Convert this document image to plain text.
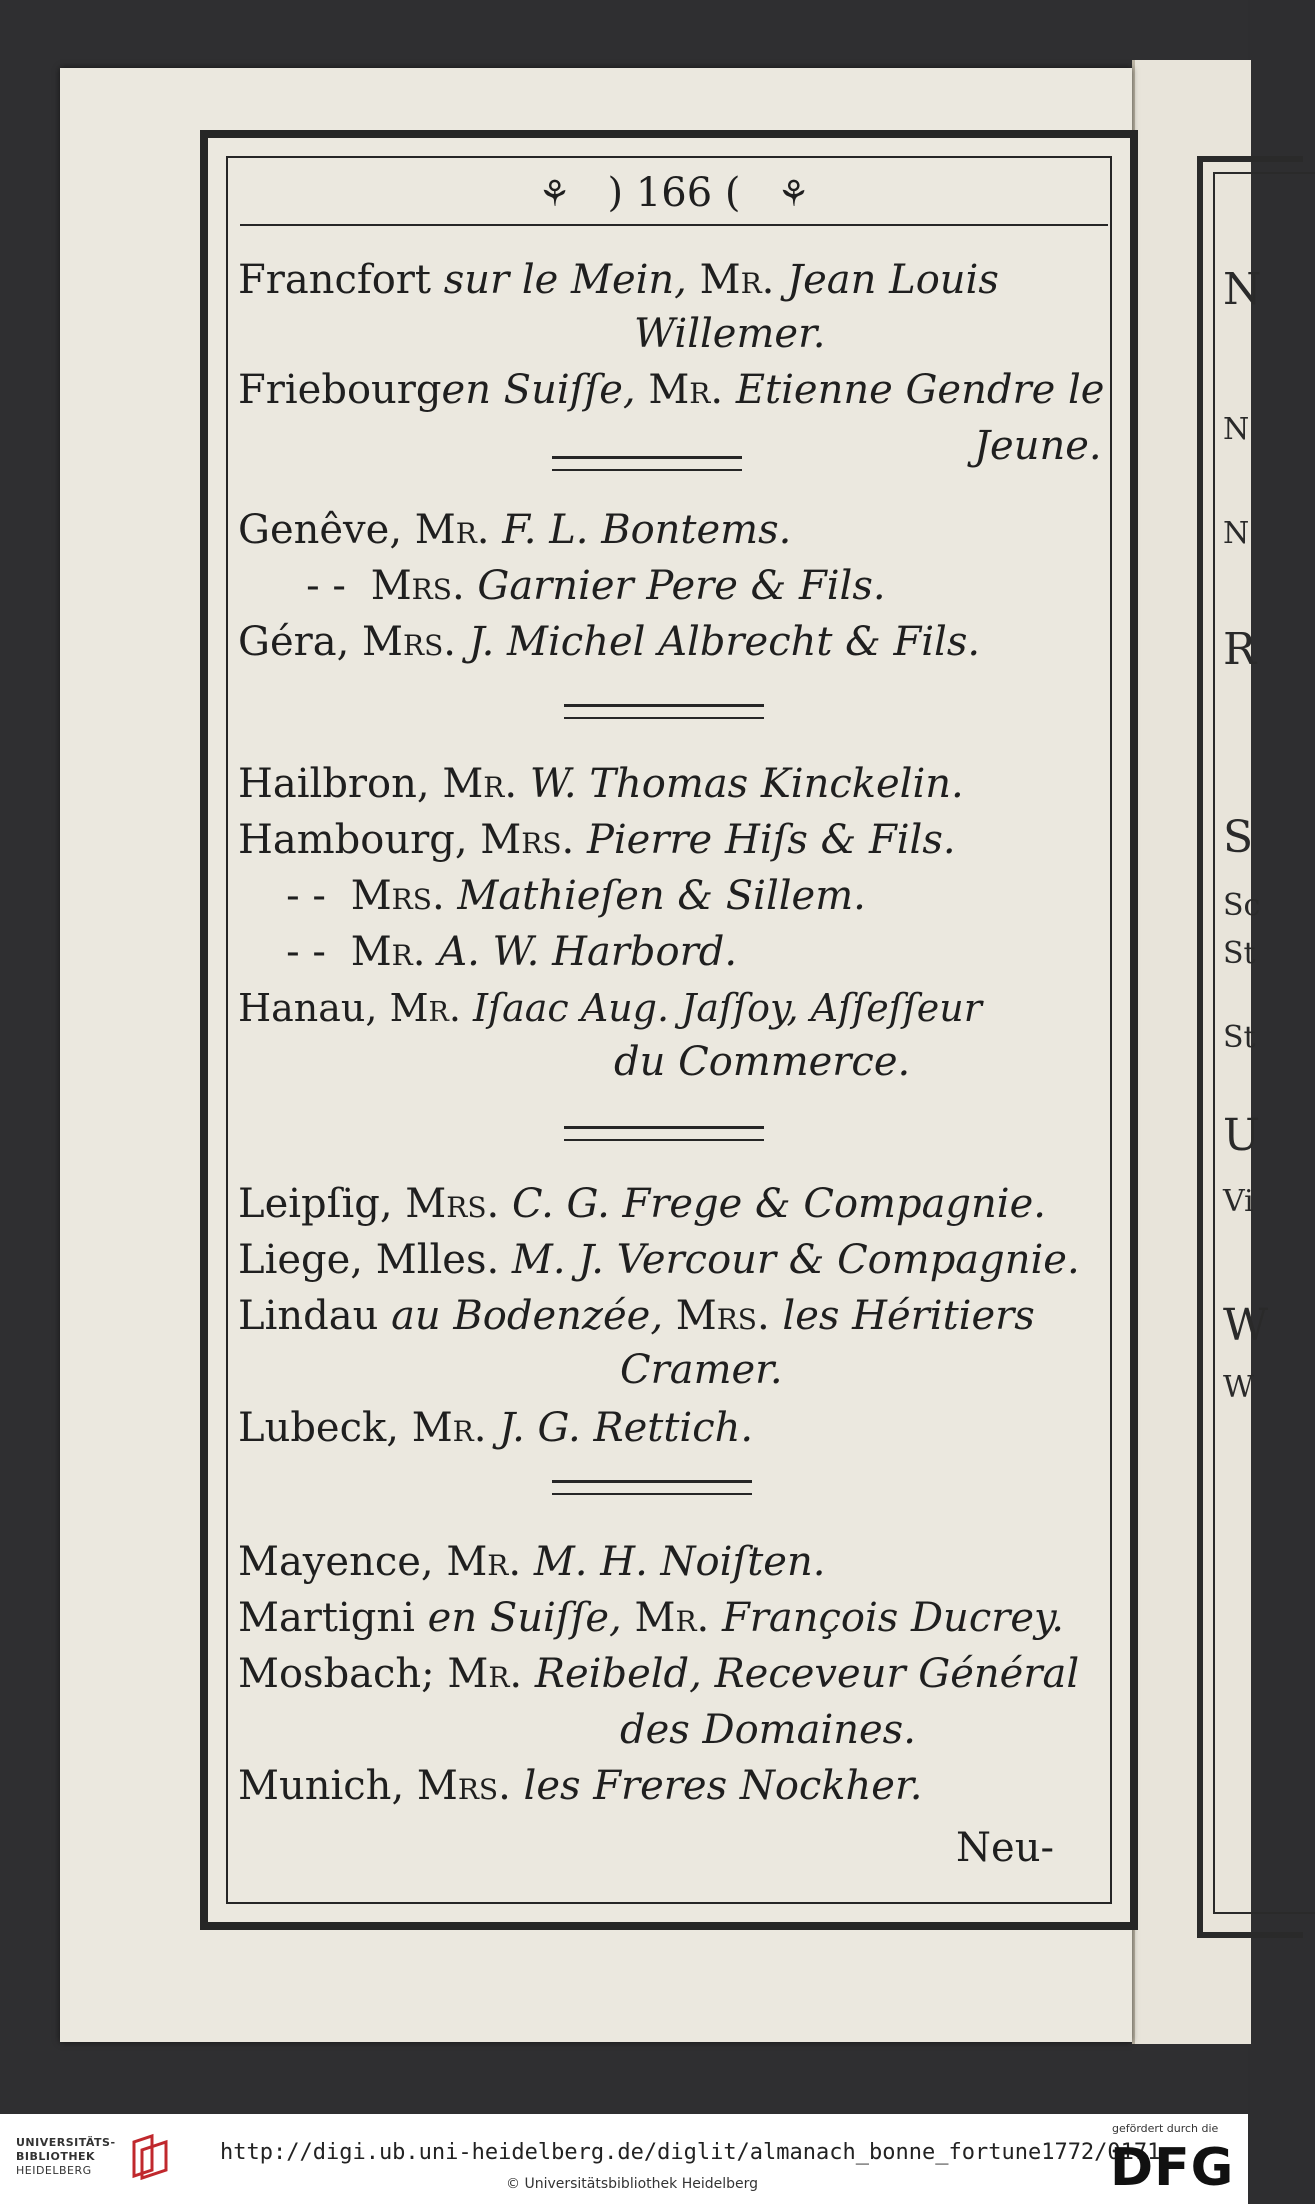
N
N
N
R
S
Sc
St
St
U
Vi
W
W
⚘ ) 166 ( ⚘
Francfort sur le Mein, Mr. Jean Louis
Willemer.
Friebourgen Suiſſe, Mr. Etienne Gendre le
Jeune.
Genêve, Mr. F. L. Bontems.
- - Mrs. Garnier Pere & Fils.
Géra, Mrs. J. Michel Albrecht & Fils.
Hailbron, Mr. W. Thomas Kinckelin.
Hambourg, Mrs. Pierre Hiſs & Fils.
- - Mrs. Mathieſen & Sillem.
- - Mr. A. W. Harbord.
Hanau, Mr. Iſaac Aug. Jaſſoy, Aſſeſſeur
du Commerce.
Leipſig, Mrs. C. G. Frege & Compagnie.
Liege, Mlles. M. J. Vercour & Compagnie.
Lindau au Bodenzée, Mrs. les Héritiers
Cramer.
Lubeck, Mr. J. G. Rettich.
Mayence, Mr. M. H. Noiſten.
Martigni en Suiſſe, Mr. François Ducrey.
Mosbach; Mr. Reibeld, Receveur Général
des Domaines.
Munich, Mrs. les Freres Nockher.
Neu-
UNIVERSITÄTS-
BIBLIOTHEK
HEIDELBERG
http://digi.ub.uni-heidelberg.de/diglit/almanach_bonne_fortune1772/0171
© Universitätsbibliothek Heidelberg
gefördert durch die
DFG
